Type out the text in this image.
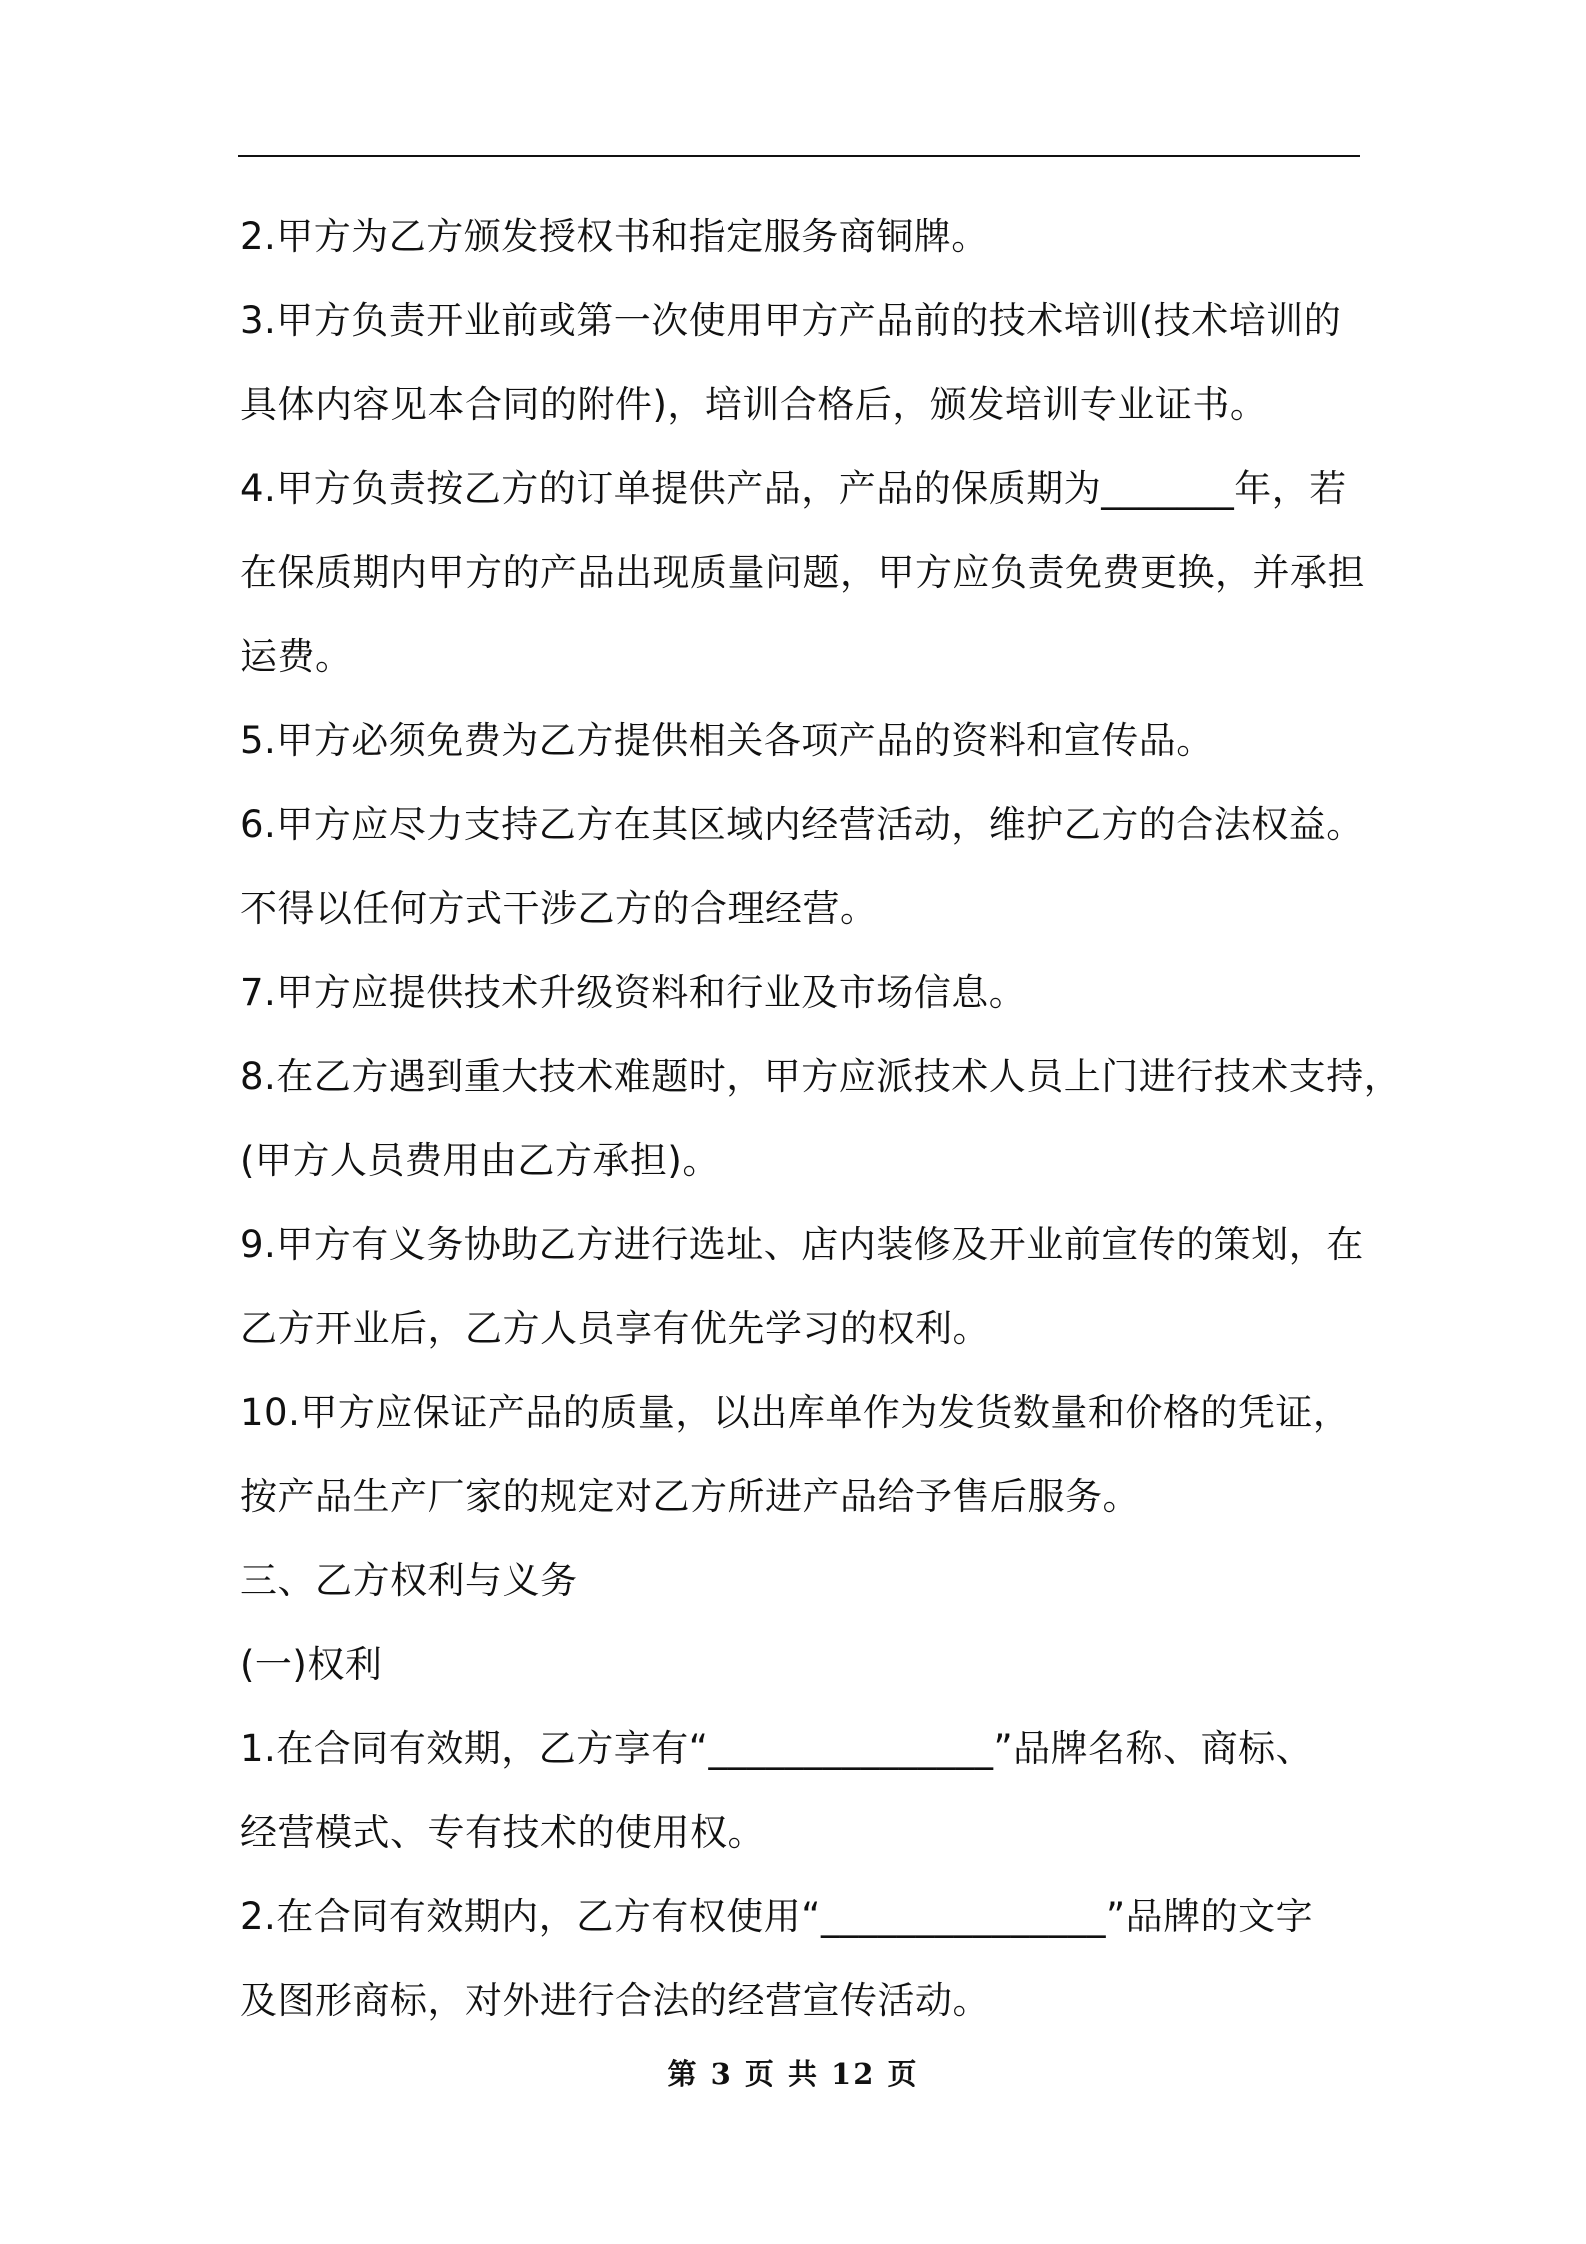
2.甲方为乙方颁发授权书和指定服务商铜牌。
3.甲方负责开业前或第一次使用甲方产品前的技术培训(技术培训的
具体内容见本合同的附件)，培训合格后，颁发培训专业证书。
4.甲方负责按乙方的订单提供产品，产品的保质期为_______年，若
在保质期内甲方的产品出现质量问题，甲方应负责免费更换，并承担
运费。
5.甲方必须免费为乙方提供相关各项产品的资料和宣传品。
6.甲方应尽力支持乙方在其区域内经营活动，维护乙方的合法权益。
不得以任何方式干涉乙方的合理经营。
7.甲方应提供技术升级资料和行业及市场信息。
8.在乙方遇到重大技术难题时，甲方应派技术人员上门进行技术支持，
(甲方人员费用由乙方承担)。
9.甲方有义务协助乙方进行选址、店内装修及开业前宣传的策划，在
乙方开业后，乙方人员享有优先学习的权利。
10.甲方应保证产品的质量，以出库单作为发货数量和价格的凭证，
按产品生产厂家的规定对乙方所进产品给予售后服务。
三、乙方权利与义务
(一)权利
1.在合同有效期，乙方享有“_______________”品牌名称、商标、
经营模式、专有技术的使用权。
2.在合同有效期内，乙方有权使用“_______________”品牌的文字
及图形商标，对外进行合法的经营宣传活动。
第 3 页 共 12 页
